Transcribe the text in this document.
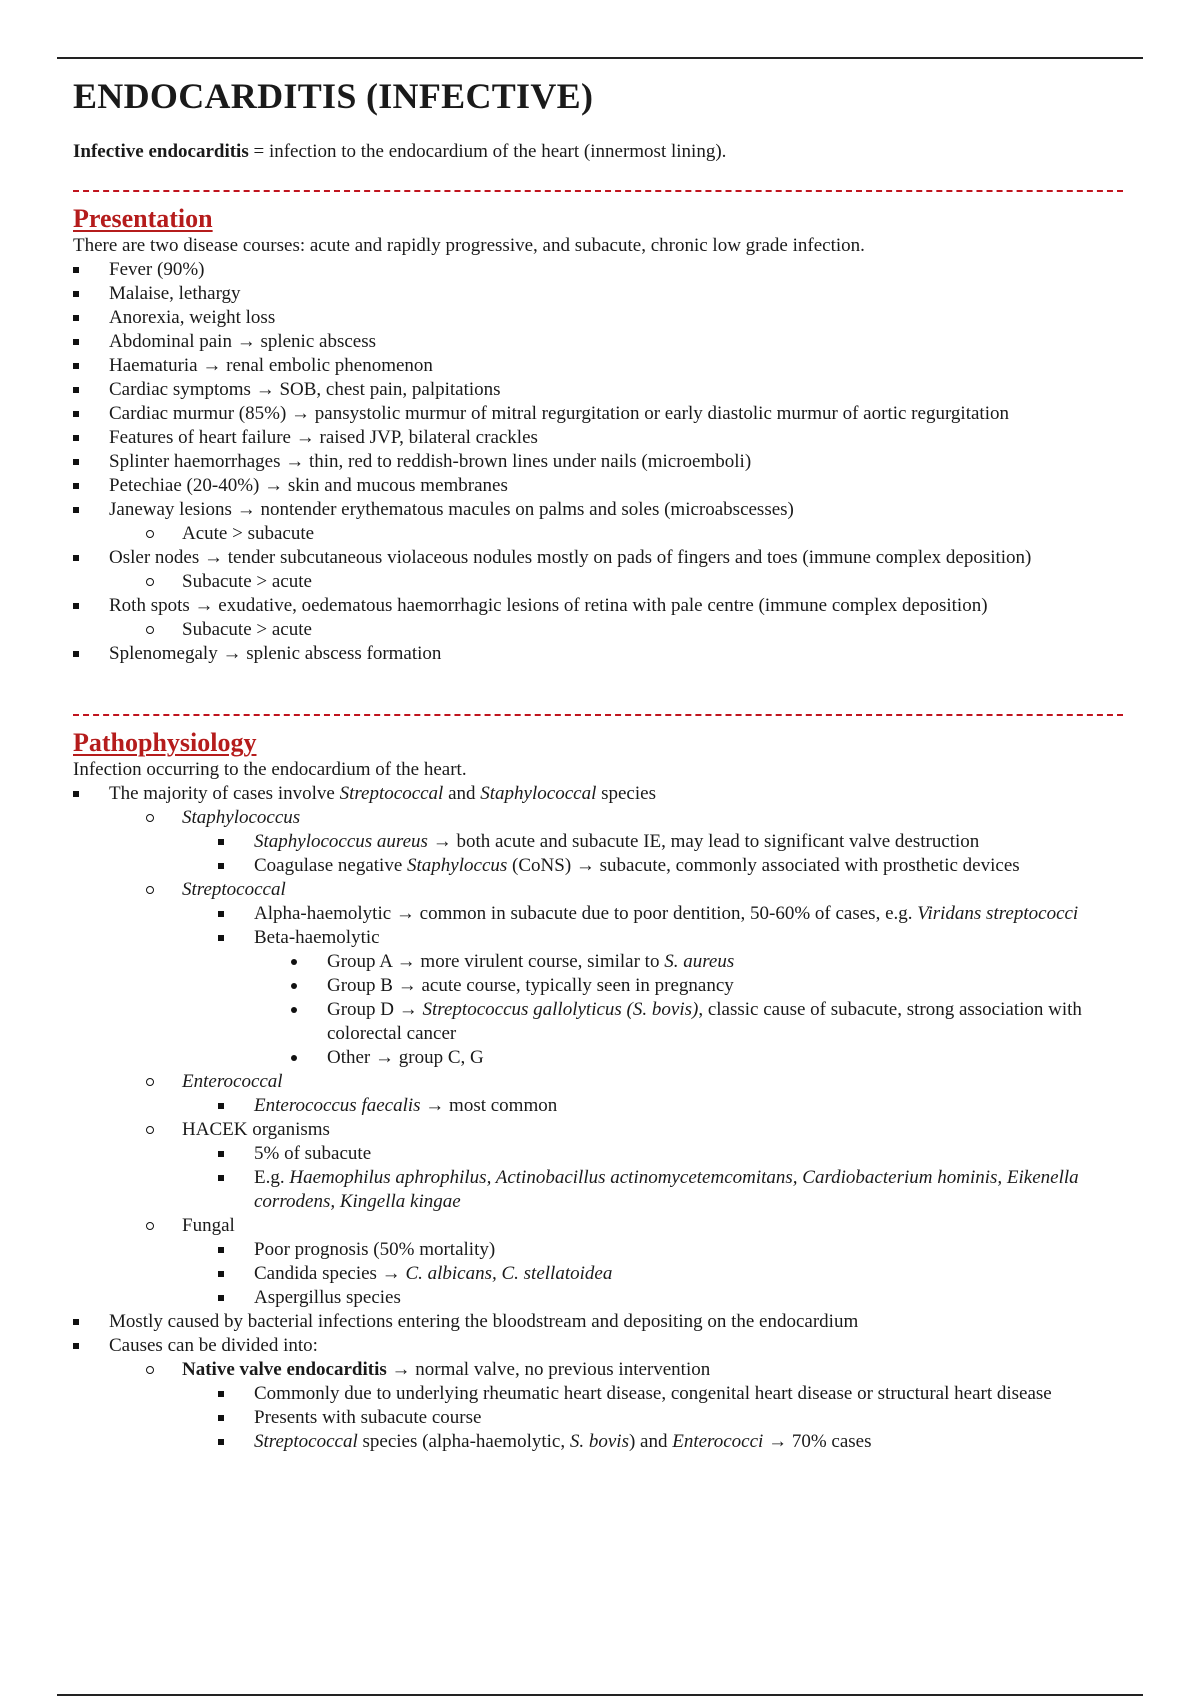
ENDOCARDITIS (INFECTIVE)
Infective endocarditis = infection to the endocardium of the heart (innermost lining).
Presentation
There are two disease courses: acute and rapidly progressive, and subacute, chronic low grade infection.
Fever (90%)
Malaise, lethargy
Anorexia, weight loss
Abdominal pain → splenic abscess
Haematuria → renal embolic phenomenon
Cardiac symptoms → SOB, chest pain, palpitations
Cardiac murmur (85%) → pansystolic murmur of mitral regurgitation or early diastolic murmur of aortic regurgitation
Features of heart failure → raised JVP, bilateral crackles
Splinter haemorrhages → thin, red to reddish-brown lines under nails (microemboli)
Petechiae (20-40%) → skin and mucous membranes
Janeway lesions → nontender erythematous macules on palms and soles (microabscesses)
Acute > subacute
Osler nodes → tender subcutaneous violaceous nodules mostly on pads of fingers and toes (immune complex deposition)
Subacute > acute
Roth spots → exudative, oedematous haemorrhagic lesions of retina with pale centre (immune complex deposition)
Subacute > acute
Splenomegaly → splenic abscess formation
Pathophysiology
Infection occurring to the endocardium of the heart.
The majority of cases involve Streptococcal and Staphylococcal species
Staphylococcus
Staphylococcus aureus → both acute and subacute IE, may lead to significant valve destruction
Coagulase negative Staphyloccus (CoNS) → subacute, commonly associated with prosthetic devices
Streptococcal
Alpha-haemolytic → common in subacute due to poor dentition, 50-60% of cases, e.g. Viridans streptococci
Beta-haemolytic
Group A → more virulent course, similar to S. aureus
Group B → acute course, typically seen in pregnancy
Group D → Streptococcus gallolyticus (S. bovis), classic cause of subacute, strong association with colorectal cancer
Other → group C, G
Enterococcal
Enterococcus faecalis → most common
HACEK organisms
5% of subacute
E.g. Haemophilus aphrophilus, Actinobacillus actinomycetemcomitans, Cardiobacterium hominis, Eikenella corrodens, Kingella kingae
Fungal
Poor prognosis (50% mortality)
Candida species → C. albicans, C. stellatoidea
Aspergillus species
Mostly caused by bacterial infections entering the bloodstream and depositing on the endocardium
Causes can be divided into:
Native valve endocarditis → normal valve, no previous intervention
Commonly due to underlying rheumatic heart disease, congenital heart disease or structural heart disease
Presents with subacute course
Streptococcal species (alpha-haemolytic, S. bovis) and Enterococci → 70% cases
